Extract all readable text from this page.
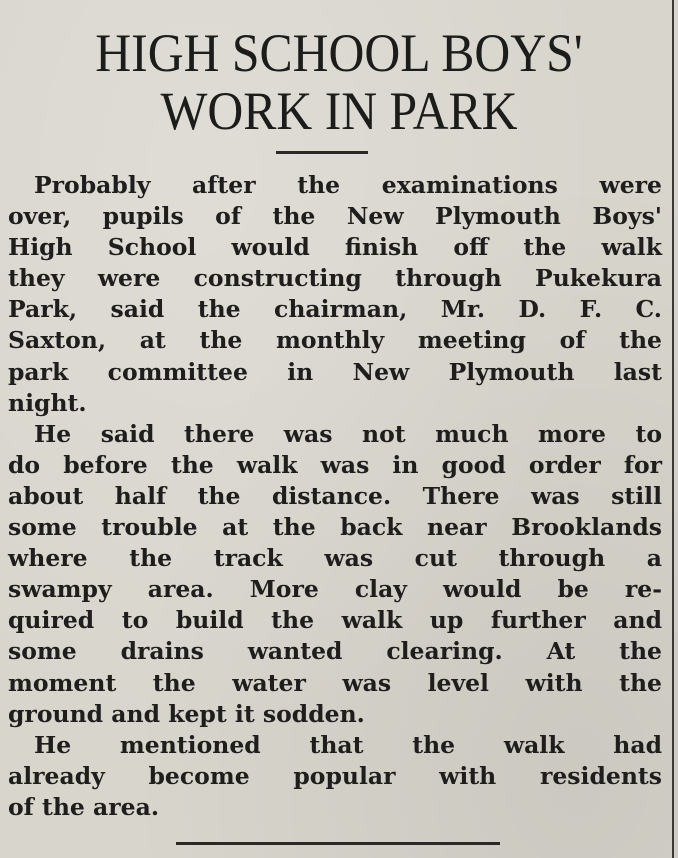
HIGH SCHOOL BOYS'
WORK IN PARK
Probably after the examinations were
over, pupils of the New Plymouth Boys'
High School would finish off the walk
they were constructing through Pukekura
Park, said the chairman, Mr. D. F. C.
Saxton, at the monthly meeting of the
park committee in New Plymouth last
night.
He said there was not much more to
do before the walk was in good order for
about half the distance. There was still
some trouble at the back near Brooklands
where the track was cut through a
swampy area. More clay would be re-
quired to build the walk up further and
some drains wanted clearing. At the
moment the water was level with the
ground and kept it sodden.
He mentioned that the walk had
already become popular with residents
of the area.
